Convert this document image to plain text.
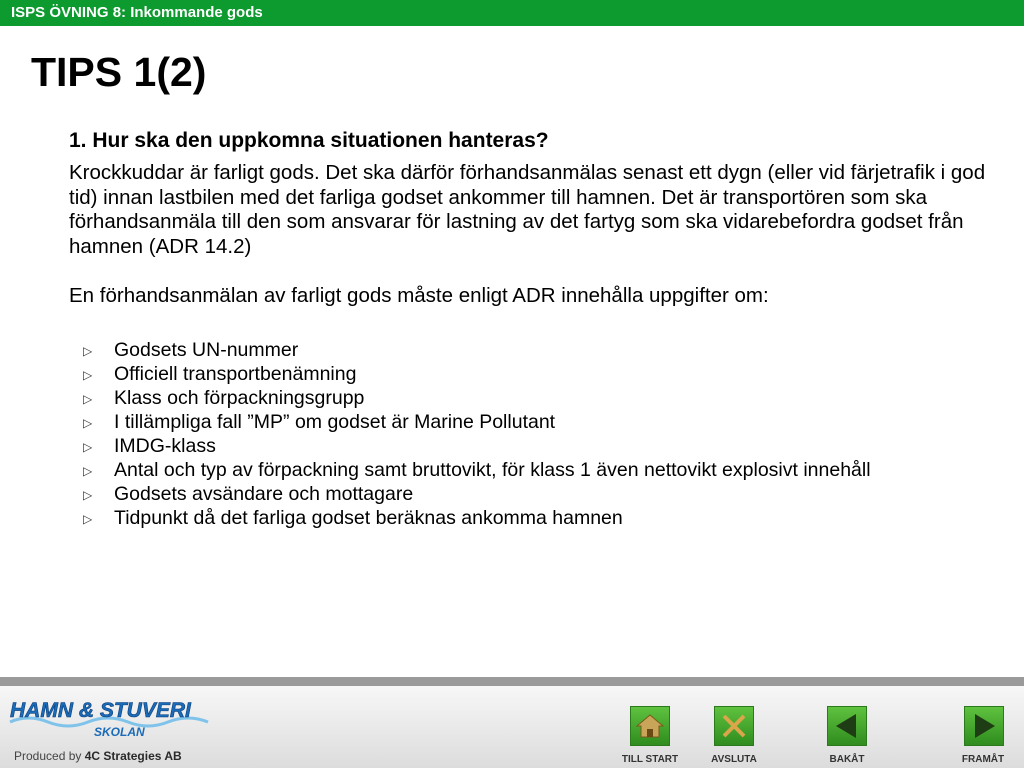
ISPS ÖVNING 8: Inkommande gods
TIPS 1(2)

1. Hur ska den uppkomna situationen hanteras?

Krockkuddar är farligt gods. Det ska därför förhandsanmälas senast ett dygn (eller vid färjetrafik i god tid) innan lastbilen med det farliga godset ankommer till hamnen. Det är transportören som ska förhandsanmäla till den som ansvarar för lastning av det fartyg som ska vidarebefordra godset från hamnen (ADR 14.2)

En förhandsanmälan av farligt gods måste enligt ADR innehålla uppgifter om:

▷ Godsets UN-nummer
▷ Officiell transportbenämning
▷ Klass och förpackningsgrupp
▷ I tillämpliga fall ”MP” om godset är Marine Pollutant
▷ IMDG-klass
▷ Antal och typ av förpackning samt bruttovikt, för klass 1 även nettovikt explosivt innehåll
▷ Godsets avsändare och mottagare
▷ Tidpunkt då det farliga godset beräknas ankomma hamnen
HAMN & STUVERI
SKOLAN
Produced by 4C Strategies AB	TILL START	AVSLUTA	BAKÅT	FRAMÅT
